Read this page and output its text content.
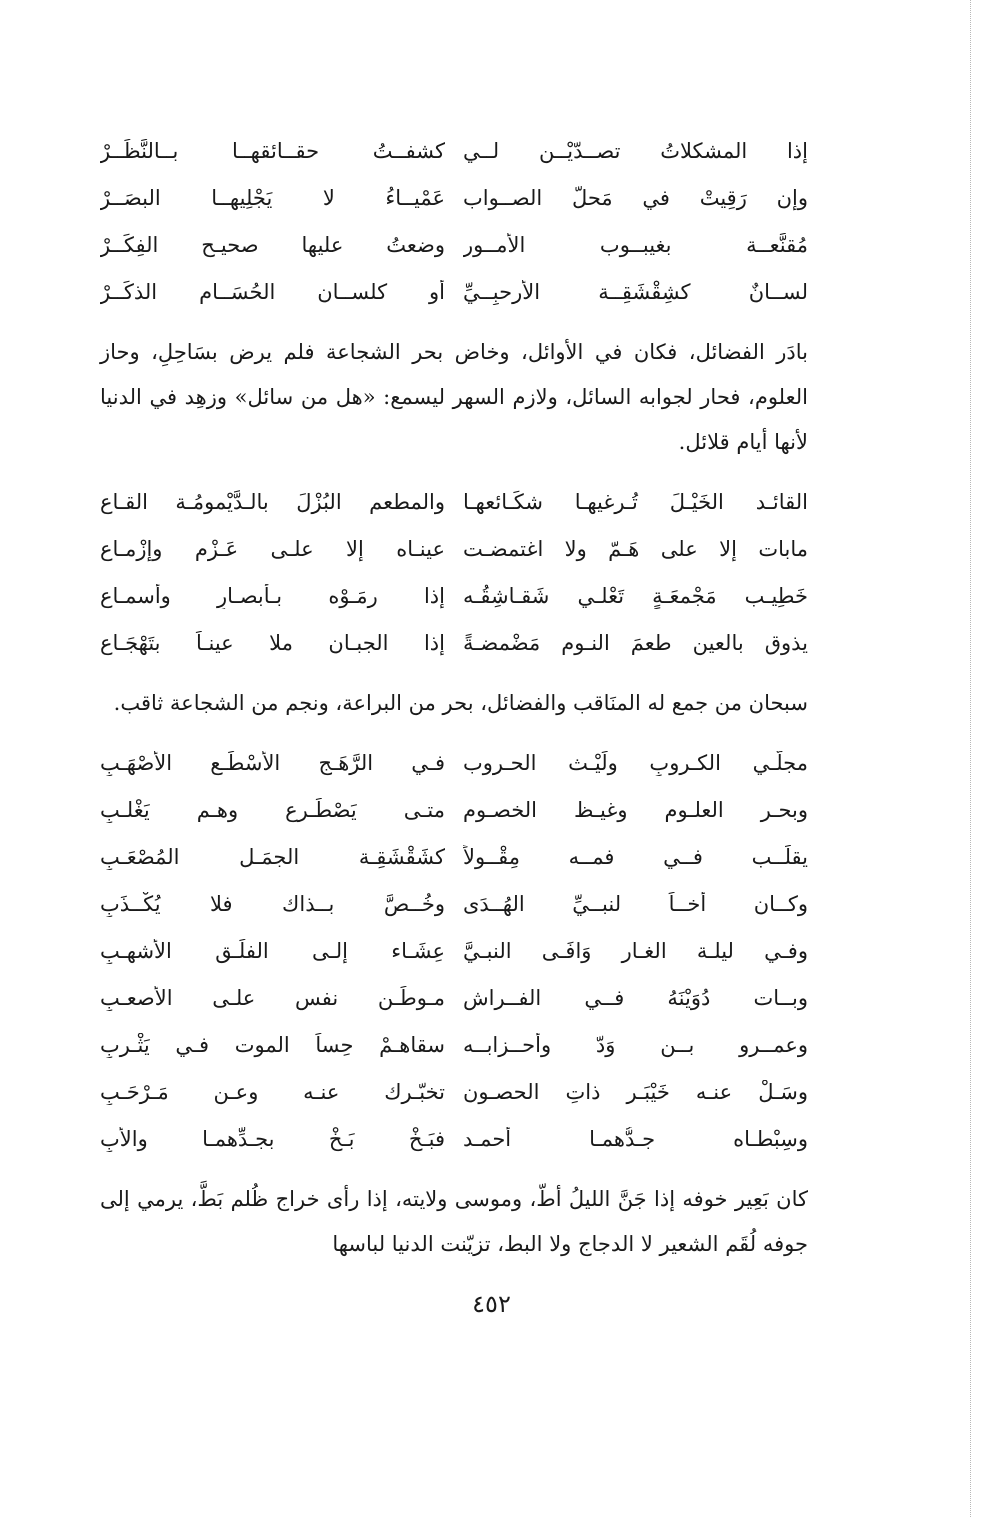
إذا المشكلاتُ تصــدّيْــن لــي
كشفــتُ حقــائقهــا بــالنَّظَــرْ
وإن رَقِيتْ في مَحلّ الصــواب
عَمْيــاءُ لا يَجْلِيهــا البصَــرْ
مُقنَّعــة بغيبــوب الأمــور
وضعتُ عليها صحيـح الفِكَــرْ
لســانٌ كشِقْشَقِــة الأرحبِــيِّ
أو كلســان الحُسَــام الذكَــرْ

بادَر الفضائل، فكان في الأوائل، وخاض بحر الشجاعة فلم يرض بسَاحِلِ، وحاز العلوم، فحار لجوابه السائل، ولازم السهر ليسمع: «هل من سائل» وزهِد في الدنيا لأنها أيام قلائل.

القائـد الخَيْـلَ تُـرغيهـا شكَـائعهـا
والمطعم البُزْلَ بالـدَّيْمومُـة القـاعِ
مابات إلا على هَـمّ ولا اغتمضـت
عينـاه إلا علـى عَـزْمٍ وإزْمـاعِ
خَطِيـب مَجْمعَـةٍ تَعْلـي شَقـاشِقُـه
إذا رمَـوْه بـأبصـارٍ وأسمـاعِ
يذوق بالعين طعمَ النـوم مَضْمضـةً
إذا الجبـان ملا عينـاً بتَهْجَـاعِ

سبحان من جمع له المنَاقب والفضائل، بحر من البراعة، ونجم من الشجاعة ثاقب.

مجلّـي الكـروبِ ولَيْـث الحـروب
فـي الرَّهَـج الأسْطَـع الأصْهَـبِ
وبحـر العلـوم وغيـظ الخصـوم
متـى يَصْطَـرع وهـم يَغْلـبِ
يقلِّــب فــي فمــه مِقْــولاً
كشَقْشَقِـة الجمَـل المُصْعَـبِ
وكــان أخــاً لنبــيِّ الهُــدَى
وخُــصَّ بــذاك فلا يُكْــذَبِ
وفـي ليلـة الغـار وَافَـى النبـيَّ
عِشَـاء إلـى الفلَـق الأشهـبِ
وبــات دُوَيْنَهُ فــي الفــراش
مـوطِّـن نفسٍ علـى الأصعـبِ
وعمــرو بــن وَدّ وأحــزابــه
سقاهـمْ حِساً الموت فـي يَثْـربِ
وسَـلْ عنـه خَيْبَـر ذاتِ الحصـون
تخبّـرك عنـه وعـن مَـرْحَـبِ
وسِبْطـاه جـدُّهمـا أحمـد
فبَـخْ بَـخْ بجـدِّهمـا والأبِ

كان بَعِير خوفه إذا جَنَّ الليلُ أطّ، وموسى ولايته، إذا رأى خراج ظُلم بَطَّ، يرمي إلى جوفه لُقَم الشعير لا الدجاج ولا البط، تزيّنت الدنيا لباسها

٤٥٢
